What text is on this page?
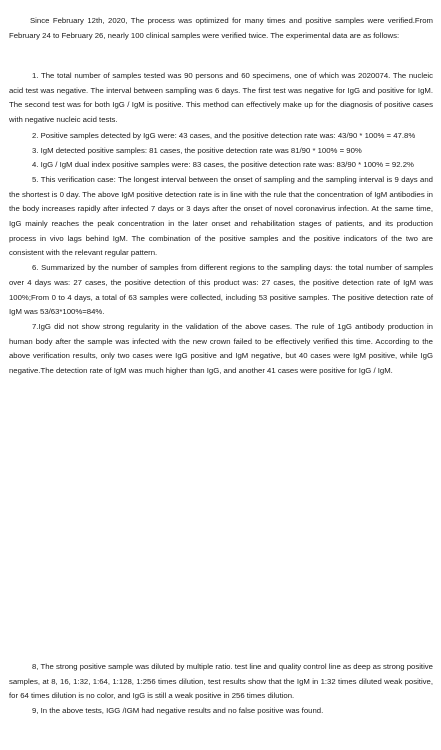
Since February 12th, 2020, The process was optimized for many times and positive samples were verified.From February 24 to February 26, nearly 100 clinical samples were verified twice. The experimental data are as follows:

1. The total number of samples tested was 90 persons and 60 specimens, one of which was 2020074. The nucleic acid test was negative. The interval between sampling was 6 days. The first test was negative for IgG and positive for IgM. The second test was for both IgG / IgM is positive. This method can effectively make up for the diagnosis of positive cases with negative nucleic acid tests.

2. Positive samples detected by IgG were: 43 cases, and the positive detection rate was: 43/90 * 100% = 47.8%

3. IgM detected positive samples: 81 cases, the positive detection rate was 81/90 * 100% = 90%

4. IgG / IgM dual index positive samples were: 83 cases, the positive detection rate was: 83/90 * 100% = 92.2%

5. This verification case: The longest interval between the onset of sampling and the sampling interval is 9 days and the shortest is 0 day. The above IgM positive detection rate is in line with the rule that the concentration of IgM antibodies in the body increases rapidly after infected 7 days or 3 days after the onset of novel coronavirus infection. At the same time, IgG mainly reaches the peak concentration in the later onset and rehabilitation stages of patients, and its production process in vivo lags behind IgM. The combination of the positive samples and the positive indicators of the two are consistent with the relevant regular pattern.

6. Summarized by the number of samples from different regions to the sampling days: the total number of samples over 4 days was: 27 cases, the positive detection of this product was: 27 cases, the positive detection rate of IgM was 100%;From 0 to 4 days, a total of 63 samples were collected, including 53 positive samples. The positive detection rate of IgM was 53/63*100%=84%.

7.IgG did not show strong regularity in the validation of the above cases. The rule of 1gG antibody production in human body after the sample was infected with the new crown failed to be effectively verified this time. According to the above verification results, only two cases were IgG positive and IgM negative, but 40 cases were IgM positive, while IgG negative.The detection rate of IgM was much higher than IgG, and another 41 cases were positive for IgG / IgM.

8, The strong positive sample was diluted by multiple ratio. test line and quality control line as deep as strong positive samples, at 8, 16, 1:32, 1:64, 1:128, 1:256 times dilution, test results show that the IgM in 1:32 times diluted weak positive, for 64 times dilution is no color, and IgG is still a weak positive in 256 times dilution.

9, In the above tests, IGG /IGM had negative results and no false positive was found.
